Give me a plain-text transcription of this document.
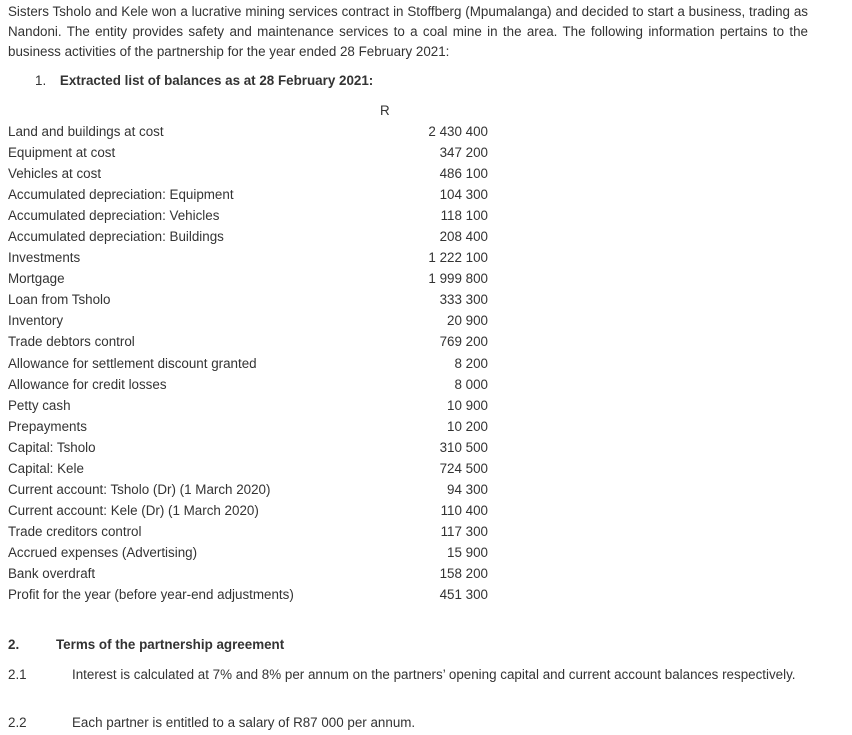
Sisters Tsholo and Kele won a lucrative mining services contract in Stoffberg (Mpumalanga) and decided to start a business, trading as Nandoni. The entity provides safety and maintenance services to a coal mine in the area. The following information pertains to the business activities of the partnership for the year ended 28 February 2021:
1. Extracted list of balances as at 28 February 2021:
R
Land and buildings at cost	2 430 400
Equipment at cost	347 200
Vehicles at cost	486 100
Accumulated depreciation: Equipment	104 300
Accumulated depreciation: Vehicles	118 100
Accumulated depreciation: Buildings	208 400
Investments	1 222 100
Mortgage	1 999 800
Loan from Tsholo	333 300
Inventory	20 900
Trade debtors control	769 200
Allowance for settlement discount granted	8 200
Allowance for credit losses	8 000
Petty cash	10 900
Prepayments	10 200
Capital: Tsholo	310 500
Capital: Kele	724 500
Current account: Tsholo (Dr) (1 March 2020)	94 300
Current account: Kele (Dr) (1 March 2020)	110 400
Trade creditors control	117 300
Accrued expenses (Advertising)	15 900
Bank overdraft	158 200
Profit for the year (before year-end adjustments)	451 300
2.	Terms of the partnership agreement
2.1	Interest is calculated at 7% and 8% per annum on the partners’ opening capital and current account balances respectively.
2.2	Each partner is entitled to a salary of R87 000 per annum.
